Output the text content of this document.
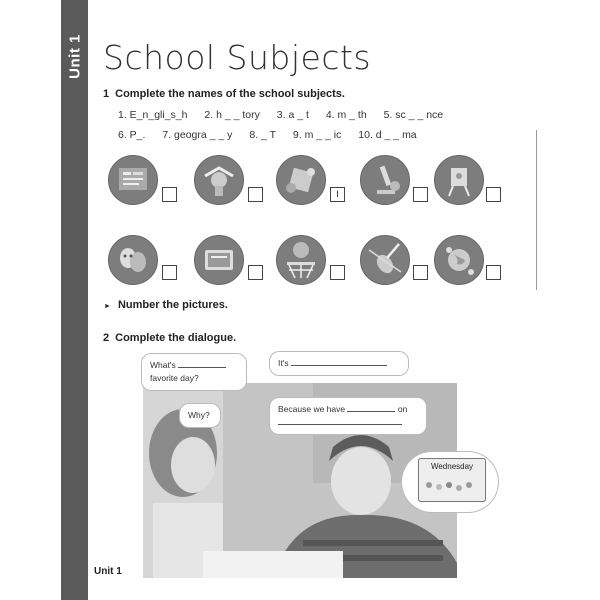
Unit 1
4
Unit 1
School Subjects
1 Complete the names of the school subjects.
1. E_n_gli_s_h 2. h _ _ tory 3. a _ t 4. m _ th 5. sc _ _ nce
6. P_. 7. geogra _ _ y 8. _ T 9. m _ _ ic 10. d _ _ ma
I
► Number the pictures.
2 Complete the dialogue.
What's
favorite day?
It's
Why?
Because we have	on

Wednesday
